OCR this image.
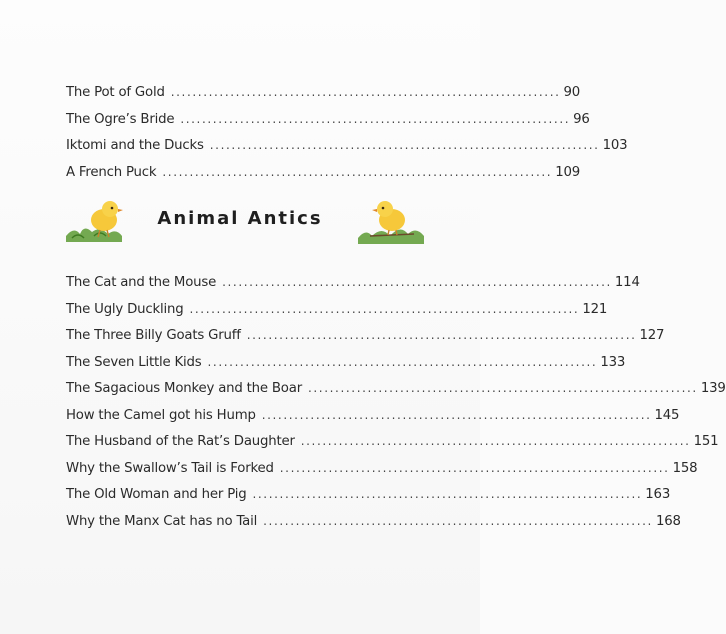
The Pot of Gold ........................................................................ 90
The Ogre’s Bride ........................................................................ 96
Iktomi and the Ducks ........................................................................ 103
A French Puck ........................................................................ 109
Animal Antics
The Cat and the Mouse ........................................................................ 114
The Ugly Duckling ........................................................................ 121
The Three Billy Goats Gruff ........................................................................ 127
The Seven Little Kids ........................................................................ 133
The Sagacious Monkey and the Boar ........................................................................ 139
How the Camel got his Hump ........................................................................ 145
The Husband of the Rat’s Daughter ........................................................................ 151
Why the Swallow’s Tail is Forked ........................................................................ 158
The Old Woman and her Pig ........................................................................ 163
Why the Manx Cat has no Tail ........................................................................ 168
